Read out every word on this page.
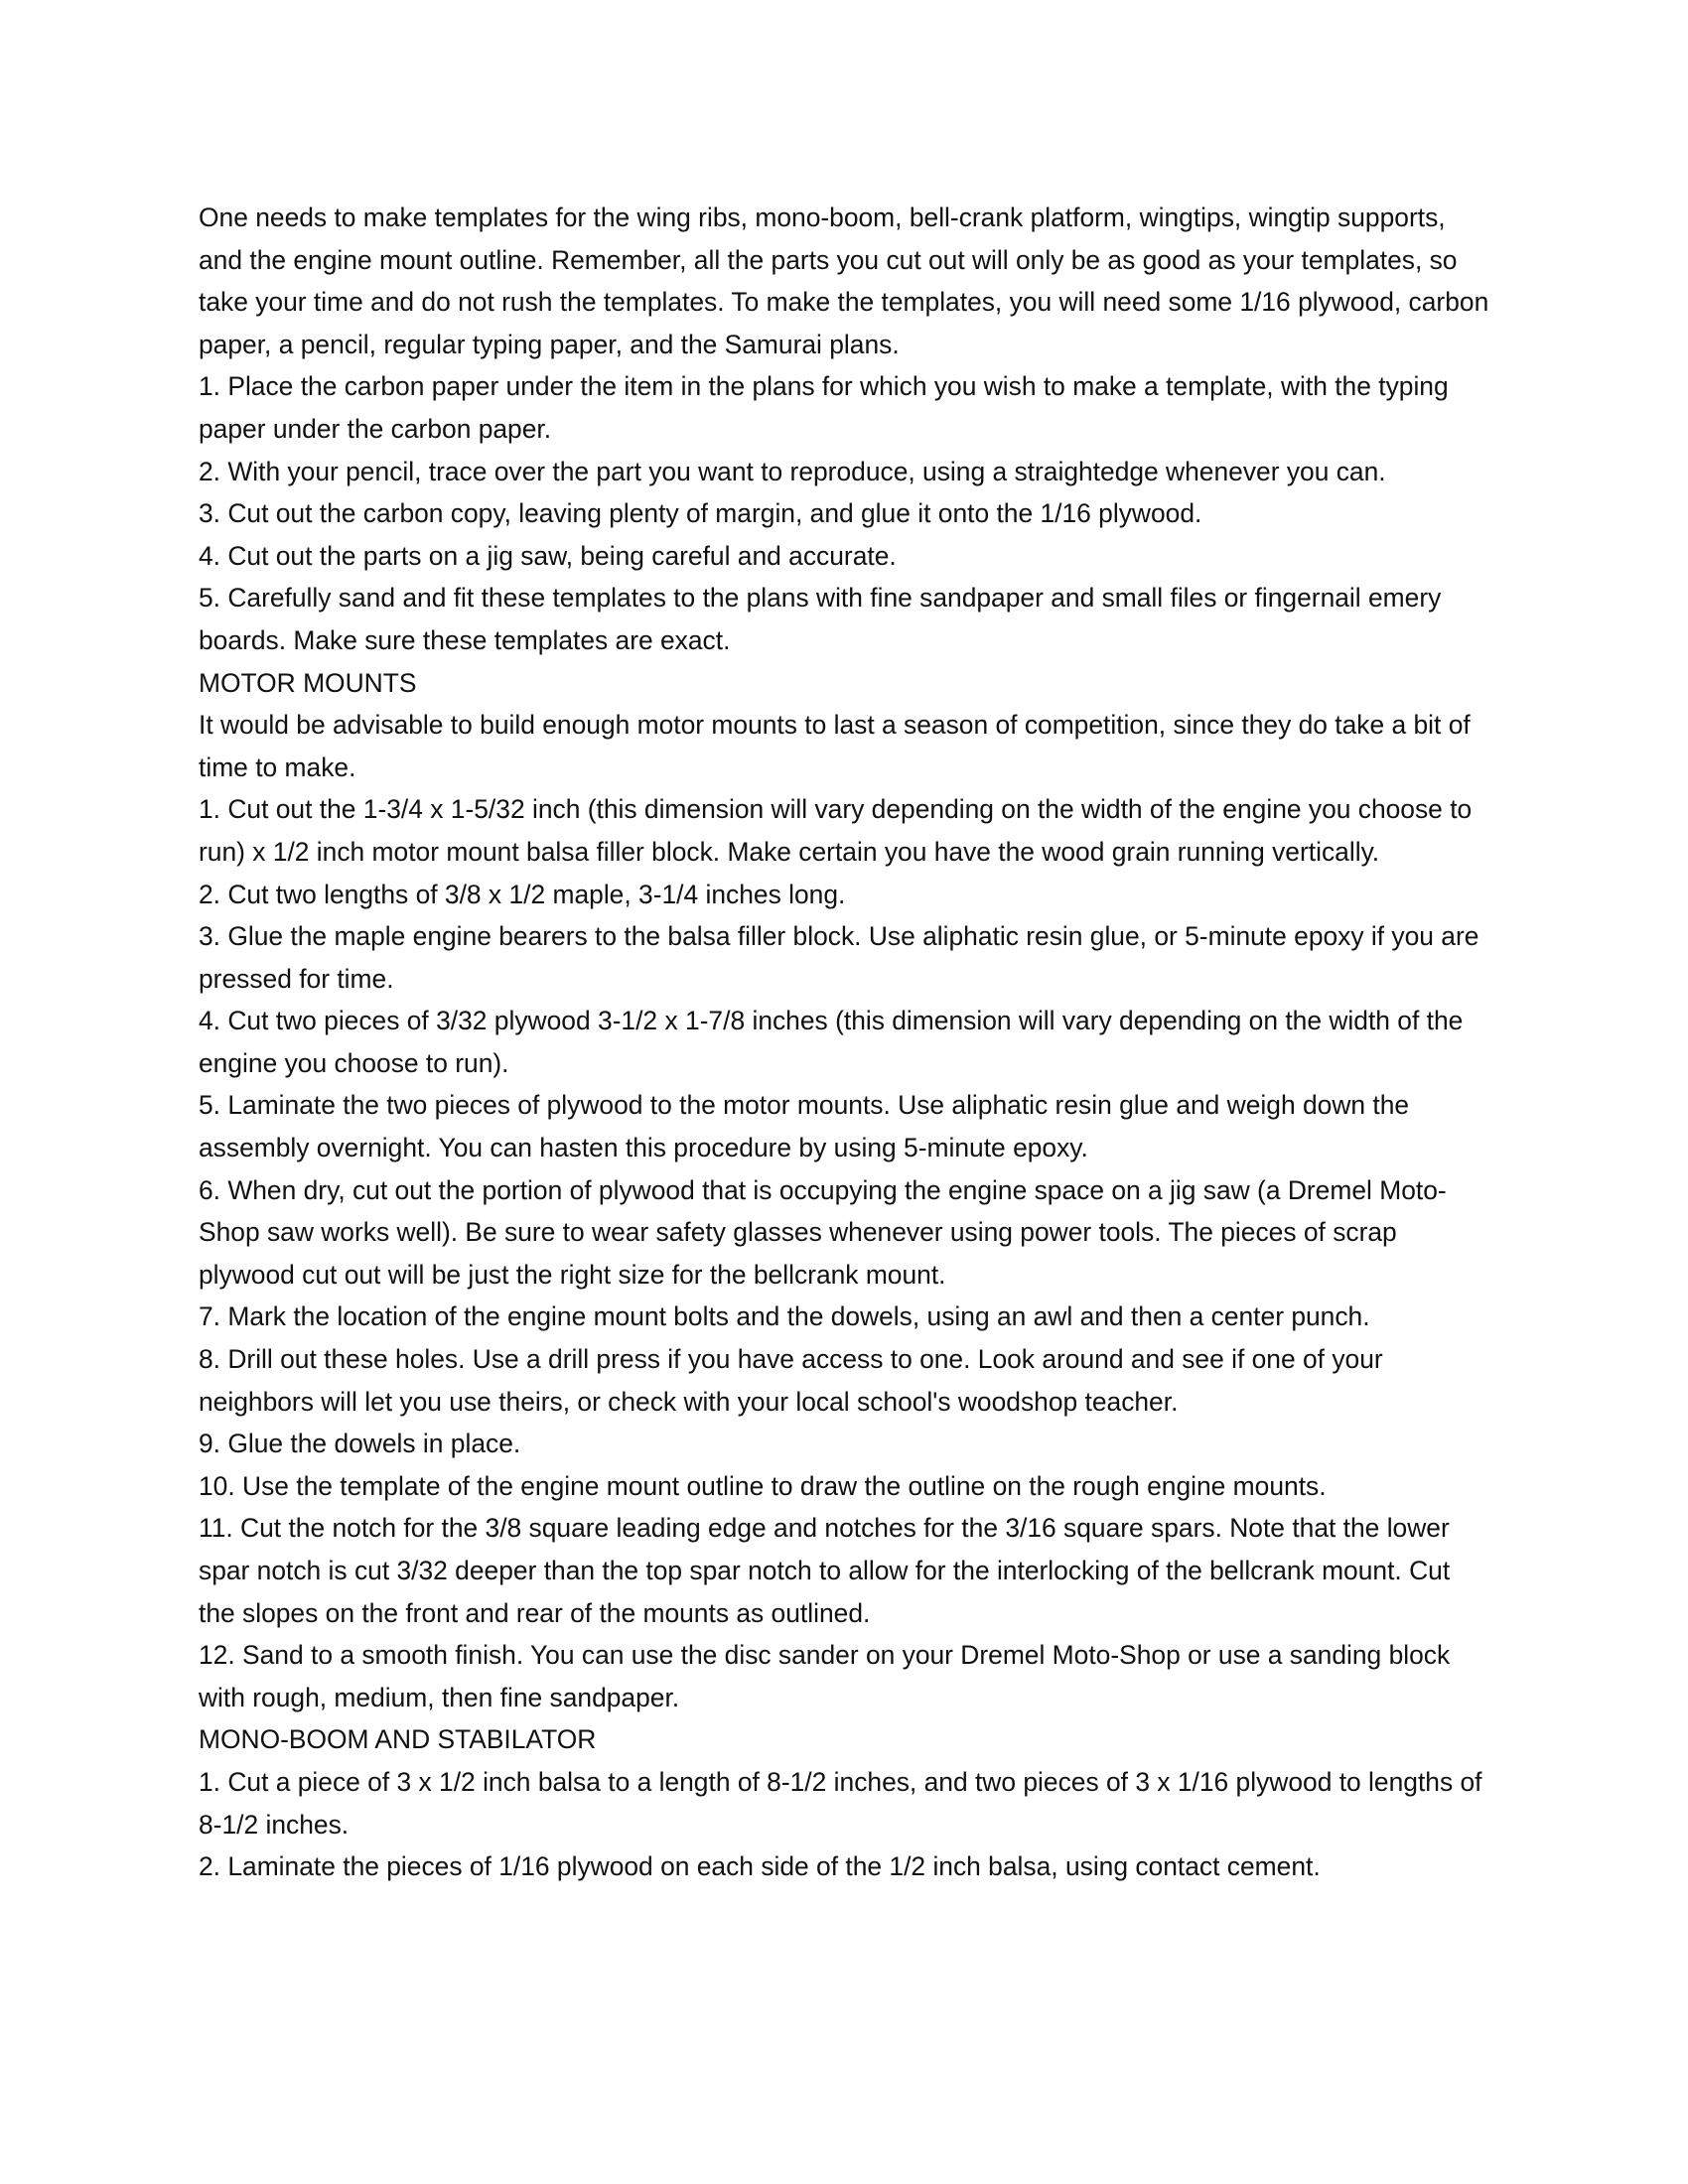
One needs to make templates for the wing ribs, mono-boom, bell-crank platform, wingtips, wingtip supports, and the engine mount outline. Remember, all the parts you cut out will only be as good as your templates, so take your time and do not rush the templates. To make the templates, you will need some 1/16 plywood, carbon paper, a pencil, regular typing paper, and the Samurai plans.

1. Place the carbon paper under the item in the plans for which you wish to make a template, with the typing paper under the carbon paper.

2. With your pencil, trace over the part you want to reproduce, using a straightedge whenever you can.

3. Cut out the carbon copy, leaving plenty of margin, and glue it onto the 1/16 plywood.

4. Cut out the parts on a jig saw, being careful and accurate.

5. Carefully sand and fit these templates to the plans with fine sandpaper and small files or fingernail emery boards. Make sure these templates are exact.

MOTOR MOUNTS

It would be advisable to build enough motor mounts to last a season of competition, since they do take a bit of time to make.

1. Cut out the 1-3/4 x 1-5/32 inch (this dimension will vary depending on the width of the engine you choose to run) x 1/2 inch motor mount balsa filler block. Make certain you have the wood grain running vertically.

2. Cut two lengths of 3/8 x 1/2 maple, 3-1/4 inches long.

3. Glue the maple engine bearers to the balsa filler block. Use aliphatic resin glue, or 5-minute epoxy if you are pressed for time.

4. Cut two pieces of 3/32 plywood 3-1/2 x 1-7/8 inches (this dimension will vary depending on the width of the engine you choose to run).

5. Laminate the two pieces of plywood to the motor mounts. Use aliphatic resin glue and weigh down the assembly overnight. You can hasten this procedure by using 5-minute epoxy.

6. When dry, cut out the portion of plywood that is occupying the engine space on a jig saw (a Dremel Moto-Shop saw works well). Be sure to wear safety glasses whenever using power tools. The pieces of scrap plywood cut out will be just the right size for the bellcrank mount.

7. Mark the location of the engine mount bolts and the dowels, using an awl and then a center punch.

8. Drill out these holes. Use a drill press if you have access to one. Look around and see if one of your neighbors will let you use theirs, or check with your local school's woodshop teacher.

9. Glue the dowels in place.

10. Use the template of the engine mount outline to draw the outline on the rough engine mounts.

11. Cut the notch for the 3/8 square leading edge and notches for the 3/16 square spars. Note that the lower spar notch is cut 3/32 deeper than the top spar notch to allow for the interlocking of the bellcrank mount. Cut the slopes on the front and rear of the mounts as outlined.

12. Sand to a smooth finish. You can use the disc sander on your Dremel Moto-Shop or use a sanding block with rough, medium, then fine sandpaper.

MONO-BOOM AND STABILATOR

1. Cut a piece of 3 x 1/2 inch balsa to a length of 8-1/2 inches, and two pieces of 3 x 1/16 plywood to lengths of 8-1/2 inches.

2. Laminate the pieces of 1/16 plywood on each side of the 1/2 inch balsa, using contact cement.
